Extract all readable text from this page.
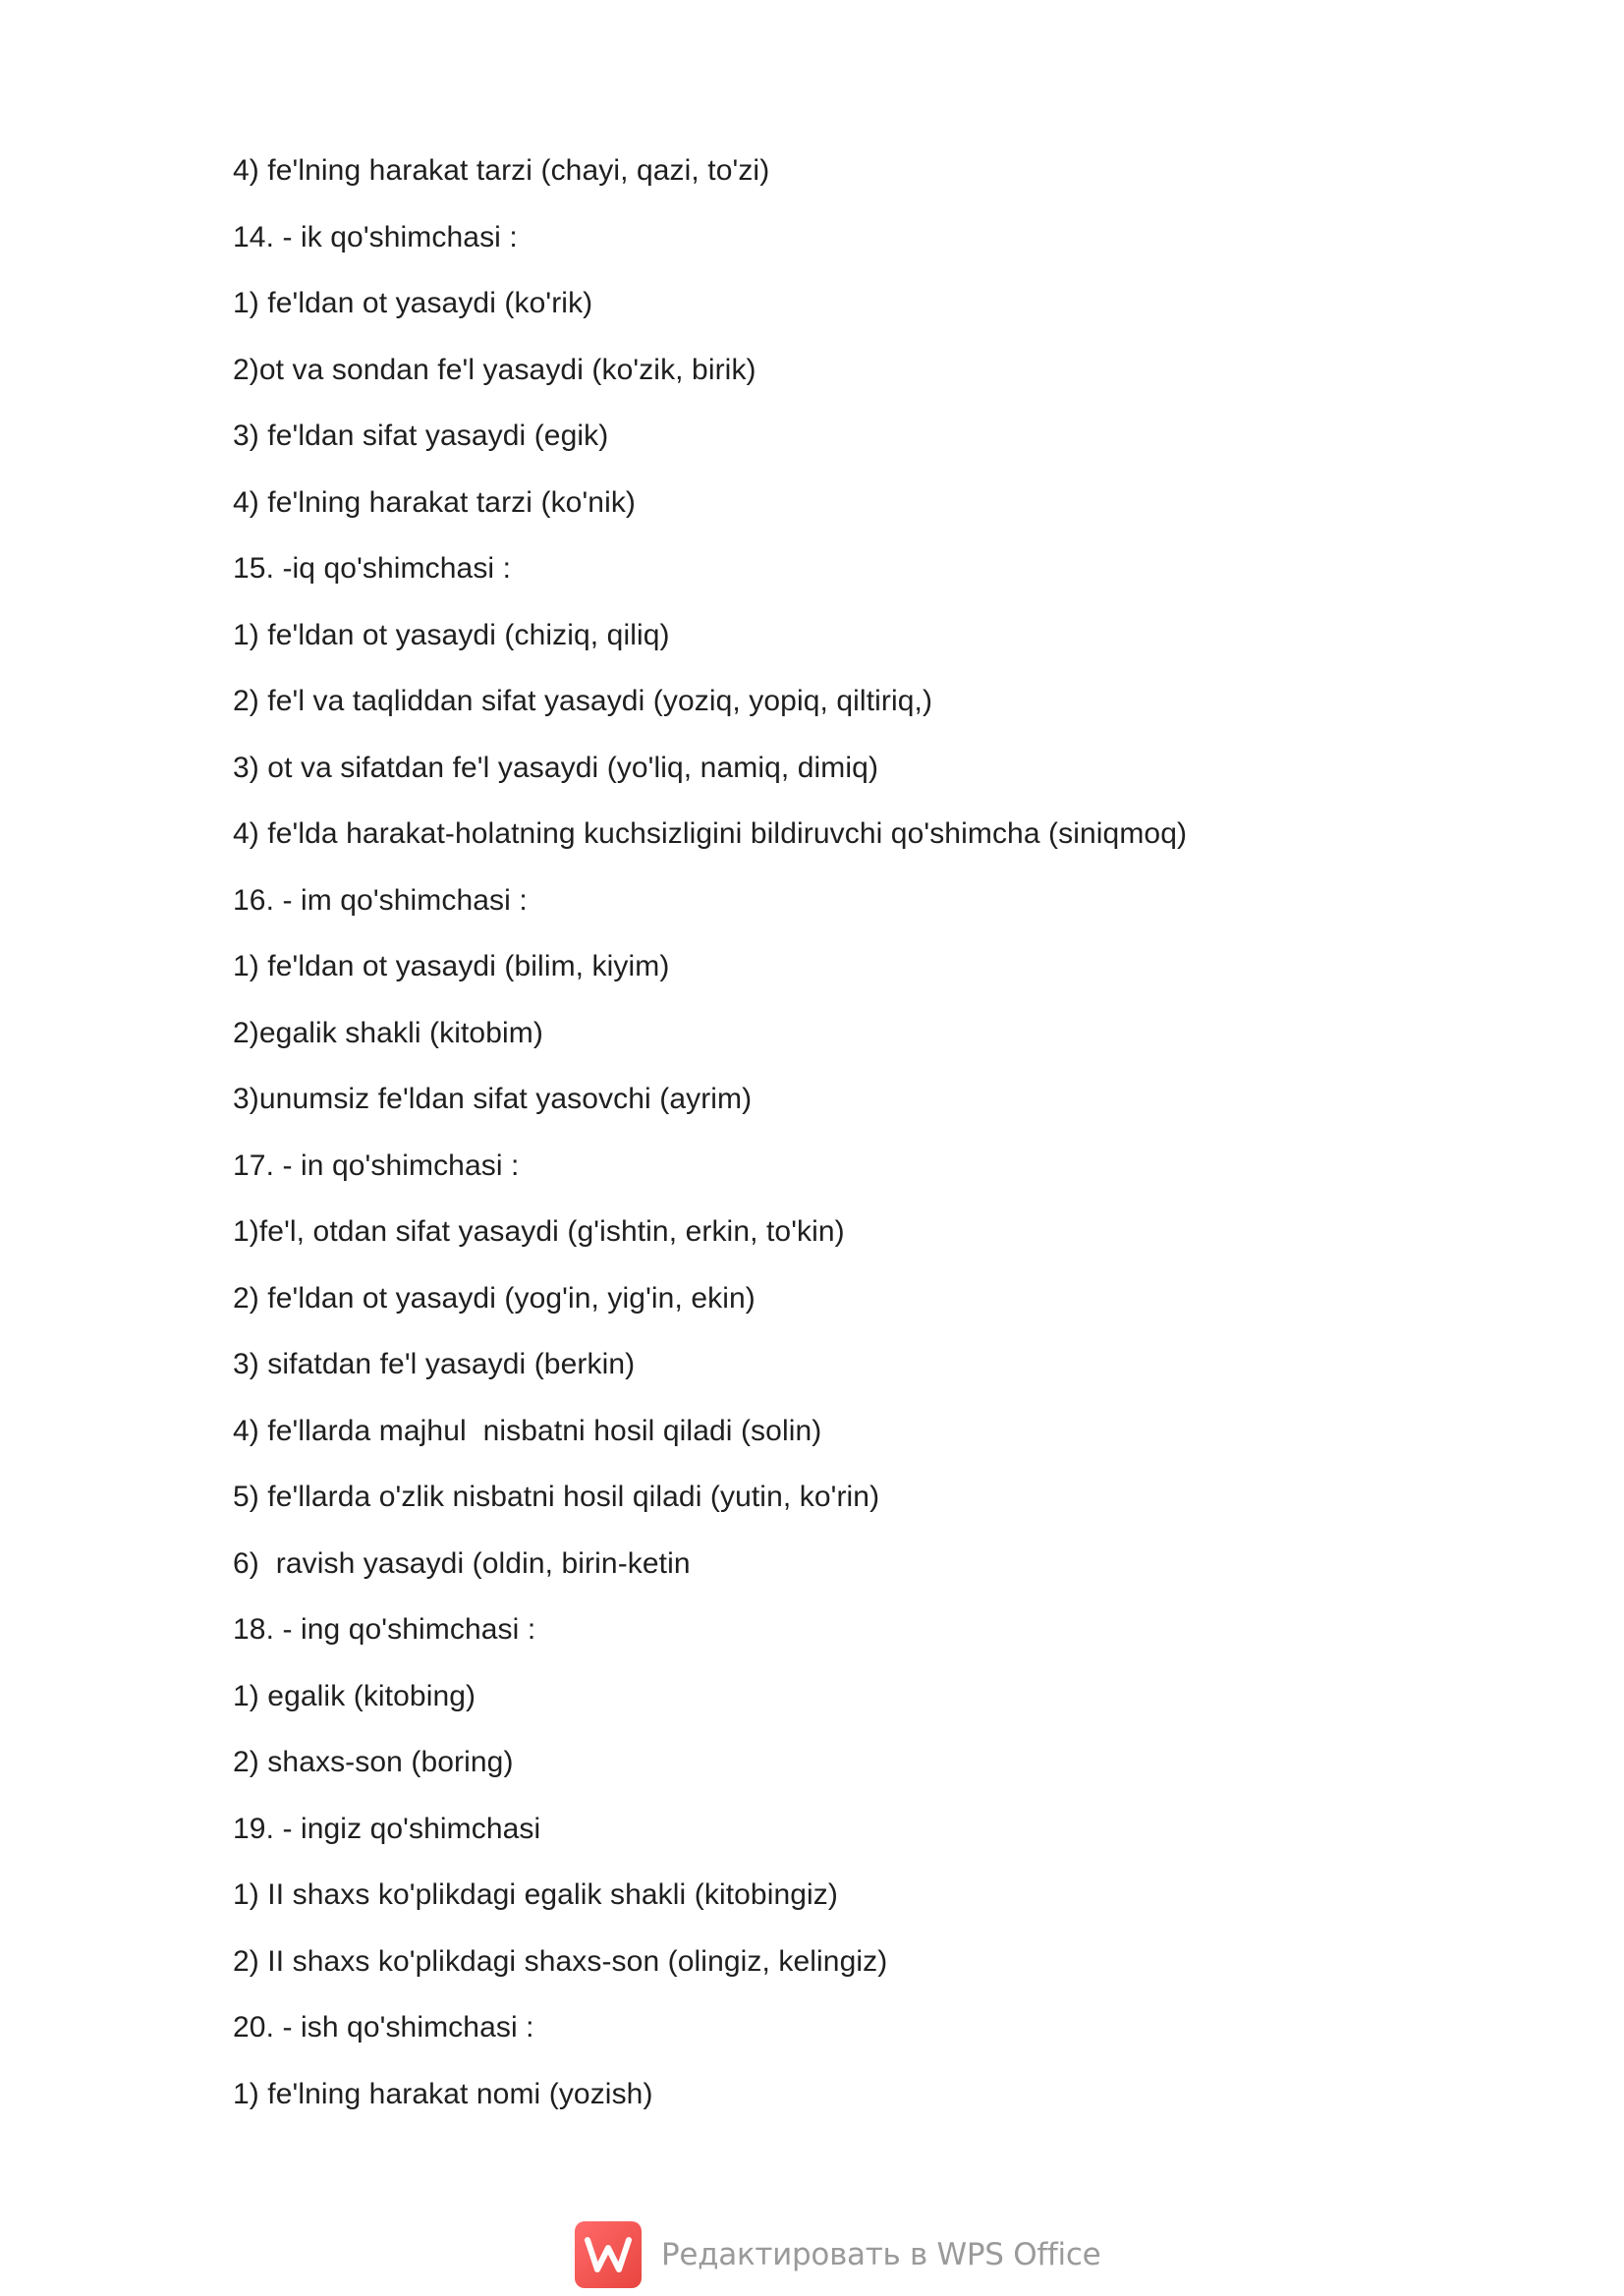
4) fe'lning harakat tarzi (chayi, qazi, to'zi)
14. - ik qo'shimchasi :
1) fe'ldan ot yasaydi (ko'rik)
2)ot va sondan fe'l yasaydi (ko'zik, birik)
3) fe'ldan sifat yasaydi (egik)
4) fe'lning harakat tarzi (ko'nik)
15. -iq qo'shimchasi :
1) fe'ldan ot yasaydi (chiziq, qiliq)
2) fe'l va taqliddan sifat yasaydi (yoziq, yopiq, qiltiriq,)
3) ot va sifatdan fe'l yasaydi (yo'liq, namiq, dimiq)
4) fe'lda harakat-holatning kuchsizligini bildiruvchi qo'shimcha (siniqmoq)
16. - im qo'shimchasi :
1) fe'ldan ot yasaydi (bilim, kiyim)
2)egalik shakli (kitobim)
3)unumsiz fe'ldan sifat yasovchi (ayrim)
17. - in qo'shimchasi :
1)fe'l, otdan sifat yasaydi (g'ishtin, erkin, to'kin)
2) fe'ldan ot yasaydi (yog'in, yig'in, ekin)
3) sifatdan fe'l yasaydi (berkin)
4) fe'llarda majhul  nisbatni hosil qiladi (solin)
5) fe'llarda o'zlik nisbatni hosil qiladi (yutin, ko'rin)
6)  ravish yasaydi (oldin, birin-ketin
18. - ing qo'shimchasi :
1) egalik (kitobing)
2) shaxs-son (boring)
19. - ingiz qo'shimchasi
1) II shaxs ko'plikdagi egalik shakli (kitobingiz)
2) II shaxs ko'plikdagi shaxs-son (olingiz, kelingiz)
20. - ish qo'shimchasi :
1) fe'lning harakat nomi (yozish)
Редактировать в WPS Office
